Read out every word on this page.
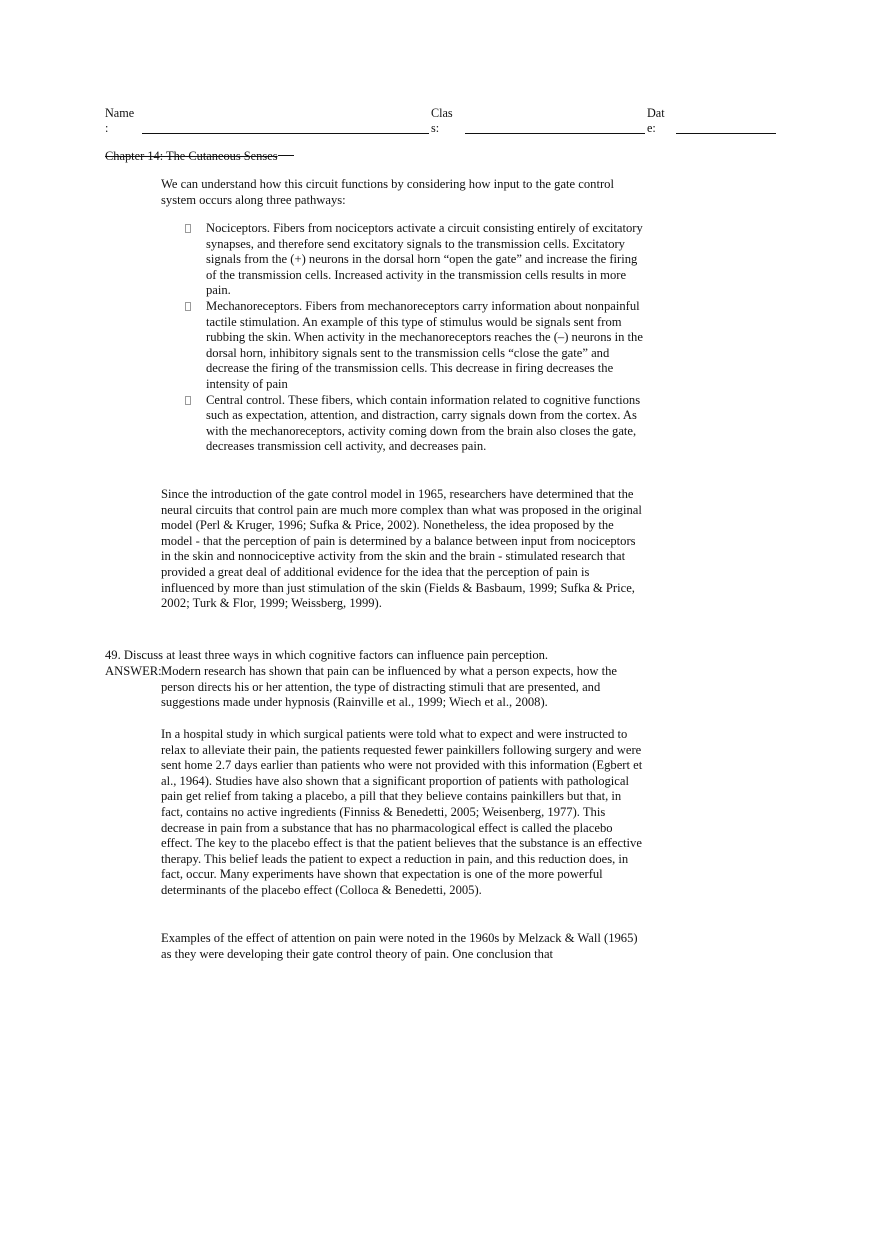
Name
:
Clas
s:
Dat
e:
Chapter 14: The Cutaneous Senses

We can understand how this circuit functions by considering how input to the gate control system occurs along three pathways:

Nociceptors. Fibers from nociceptors activate a circuit consisting entirely of excitatory synapses, and therefore send excitatory signals to the transmission cells. Excitatory signals from the (+) neurons in the dorsal horn “open the gate” and increase the firing of the transmission cells. Increased activity in the transmission cells results in more pain.
Mechanoreceptors. Fibers from mechanoreceptors carry information about nonpainful tactile stimulation. An example of this type of stimulus would be signals sent from rubbing the skin. When activity in the mechanoreceptors reaches the (–) neurons in the dorsal horn, inhibitory signals sent to the transmission cells “close the gate” and decrease the firing of the transmission cells. This decrease in firing decreases the intensity of pain
Central control. These fibers, which contain information related to cognitive functions such as expectation, attention, and distraction, carry signals down from the cortex. As with the mechanoreceptors, activity coming down from the brain also closes the gate, decreases transmission cell activity, and decreases pain.

Since the introduction of the gate control model in 1965, researchers have determined that the neural circuits that control pain are much more complex than what was proposed in the original model (Perl & Kruger, 1996; Sufka & Price, 2002). Nonetheless, the idea proposed by the model - that the perception of pain is determined by a balance between input from nociceptors in the skin and nonnociceptive activity from the skin and the brain - stimulated research that provided a great deal of additional evidence for the idea that the perception of pain is influenced by more than just stimulation of the skin (Fields & Basbaum, 1999; Sufka & Price, 2002; Turk & Flor, 1999; Weissberg, 1999).

49. Discuss at least three ways in which cognitive factors can influence pain perception.
ANSWER: Modern research has shown that pain can be influenced by what a person expects, how the person directs his or her attention, the type of distracting stimuli that are presented, and suggestions made under hypnosis (Rainville et al., 1999; Wiech et al., 2008).

In a hospital study in which surgical patients were told what to expect and were instructed to relax to alleviate their pain, the patients requested fewer painkillers following surgery and were sent home 2.7 days earlier than patients who were not provided with this information (Egbert et al., 1964). Studies have also shown that a significant proportion of patients with pathological pain get relief from taking a placebo, a pill that they believe contains painkillers but that, in fact, contains no active ingredients (Finniss & Benedetti, 2005; Weisenberg, 1977). This decrease in pain from a substance that has no pharmacological effect is called the placebo effect. The key to the placebo effect is that the patient believes that the substance is an effective therapy. This belief leads the patient to expect a reduction in pain, and this reduction does, in fact, occur. Many experiments have shown that expectation is one of the more powerful determinants of the placebo effect (Colloca & Benedetti, 2005).

Examples of the effect of attention on pain were noted in the 1960s by Melzack & Wall (1965) as they were developing their gate control theory of pain. One conclusion that
